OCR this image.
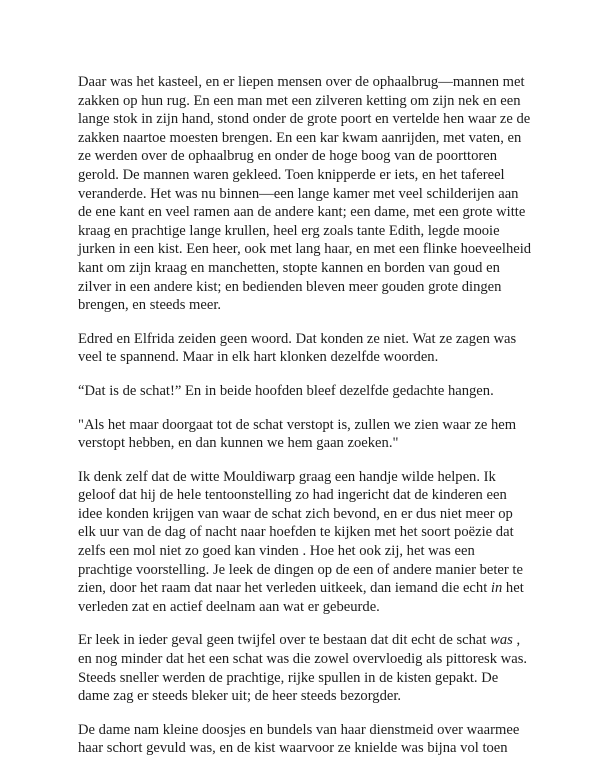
Daar was het kasteel, en er liepen mensen over de ophaalbrug—mannen met zakken op hun rug. En een man met een zilveren ketting om zijn nek en een lange stok in zijn hand, stond onder de grote poort en vertelde hen waar ze de zakken naartoe moesten brengen. En een kar kwam aanrijden, met vaten, en ze werden over de ophaalbrug en onder de hoge boog van de poorttoren gerold. De mannen waren gekleed. Toen knipperde er iets, en het tafereel veranderde. Het was nu binnen—een lange kamer met veel schilderijen aan de ene kant en veel ramen aan de andere kant; een dame, met een grote witte kraag en prachtige lange krullen, heel erg zoals tante Edith, legde mooie jurken in een kist. Een heer, ook met lang haar, en met een flinke hoeveelheid kant om zijn kraag en manchetten, stopte kannen en borden van goud en zilver in een andere kist; en bedienden bleven meer gouden grote dingen brengen, en steeds meer.

Edred en Elfrida zeiden geen woord. Dat konden ze niet. Wat ze zagen was veel te spannend. Maar in elk hart klonken dezelfde woorden.

“Dat is de schat!” En in beide hoofden bleef dezelfde gedachte hangen.

"Als het maar doorgaat tot de schat verstopt is, zullen we zien waar ze hem verstopt hebben, en dan kunnen we hem gaan zoeken."

Ik denk zelf dat de witte Mouldiwarp graag een handje wilde helpen. Ik geloof dat hij de hele tentoonstelling zo had ingericht dat de kinderen een idee konden krijgen van waar de schat zich bevond, en er dus niet meer op elk uur van de dag of nacht naar hoefden te kijken met het soort poëzie dat zelfs een mol niet zo goed kan vinden . Hoe het ook zij, het was een prachtige voorstelling. Je leek de dingen op de een of andere manier beter te zien, door het raam dat naar het verleden uitkeek, dan iemand die echt in het verleden zat en actief deelnam aan wat er gebeurde.

Er leek in ieder geval geen twijfel over te bestaan dat dit echt de schat was , en nog minder dat het een schat was die zowel overvloedig als pittoresk was. Steeds sneller werden de prachtige, rijke spullen in de kisten gepakt. De dame zag er steeds bleker uit; de heer steeds bezorgder.

De dame nam kleine doosjes en bundels van haar dienstmeid over waarmee haar schort gevuld was, en de kist waarvoor ze knielde was bijna vol toen
